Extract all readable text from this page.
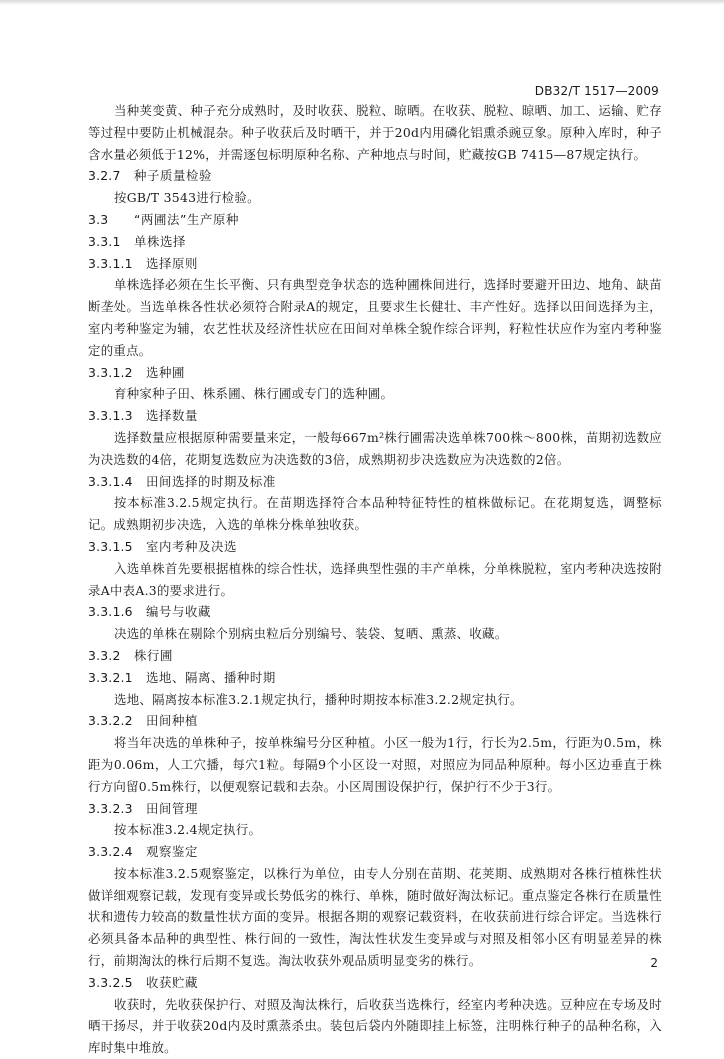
DB32/T 1517—2009

当种荚变黄、种子充分成熟时，及时收获、脱粒、晾晒。在收获、脱粒、晾晒、加工、运输、贮存等过程中要防止机械混杂。种子收获后及时晒干，并于20d内用磷化铝熏杀豌豆象。原种入库时，种子含水量必须低于12%，并需逐包标明原种名称、产种地点与时间，贮藏按GB 7415—87规定执行。

3.2.7 种子质量检验

按GB/T 3543进行检验。

3.3 “两圃法”生产原种
3.3.1 单株选择
3.3.1.1 选择原则

单株选择必须在生长平衡、只有典型竞争状态的选种圃株间进行，选择时要避开田边、地角、缺苗断垄处。当选单株各性状必须符合附录A的规定，且要求生长健壮、丰产性好。选择以田间选择为主，室内考种鉴定为辅，农艺性状及经济性状应在田间对单株全貌作综合评判，籽粒性状应作为室内考种鉴定的重点。

3.3.1.2 选种圃

育种家种子田、株系圃、株行圃或专门的选种圃。

3.3.1.3 选择数量

选择数量应根据原种需要量来定，一般每667m²株行圃需决选单株700株～800株，苗期初选数应为决选数的4倍，花期复选数应为决选数的3倍，成熟期初步决选数应为决选数的2倍。

3.3.1.4 田间选择的时期及标准

按本标准3.2.5规定执行。在苗期选择符合本品种特征特性的植株做标记。在花期复选，调整标记。成熟期初步决选，入选的单株分株单独收获。

3.3.1.5 室内考种及决选

入选单株首先要根据植株的综合性状，选择典型性强的丰产单株，分单株脱粒，室内考种决选按附录A中表A.3的要求进行。

3.3.1.6 编号与收藏

决选的单株在剔除个别病虫粒后分别编号、装袋、复晒、熏蒸、收藏。

3.3.2 株行圃
3.3.2.1 选地、隔离、播种时期

选地、隔离按本标准3.2.1规定执行，播种时期按本标准3.2.2规定执行。

3.3.2.2 田间种植

将当年决选的单株种子，按单株编号分区种植。小区一般为1行，行长为2.5m，行距为0.5m，株距为0.06m，人工穴播，每穴1粒。每隔9个小区设一对照，对照应为同品种原种。每小区边垂直于株行方向留0.5m株行，以便观察记载和去杂。小区周围设保护行，保护行不少于3行。

3.3.2.3 田间管理

按本标准3.2.4规定执行。

3.3.2.4 观察鉴定

按本标准3.2.5观察鉴定，以株行为单位，由专人分别在苗期、花荚期、成熟期对各株行植株性状做详细观察记载，发现有变异或长势低劣的株行、单株，随时做好淘汰标记。重点鉴定各株行在质量性状和遗传力较高的数量性状方面的变异。根据各期的观察记载资料，在收获前进行综合评定。当选株行必须具备本品种的典型性、株行间的一致性，淘汰性状发生变异或与对照及相邻小区有明显差异的株行，前期淘汰的株行后期不复选。淘汰收获外观品质明显变劣的株行。

3.3.2.5 收获贮藏

收获时，先收获保护行、对照及淘汰株行，后收获当选株行，经室内考种决选。豆种应在专场及时晒干扬尽，并于收获20d内及时熏蒸杀虫。装包后袋内外随即挂上标签，注明株行种子的品种名称，入库时集中堆放。

2
